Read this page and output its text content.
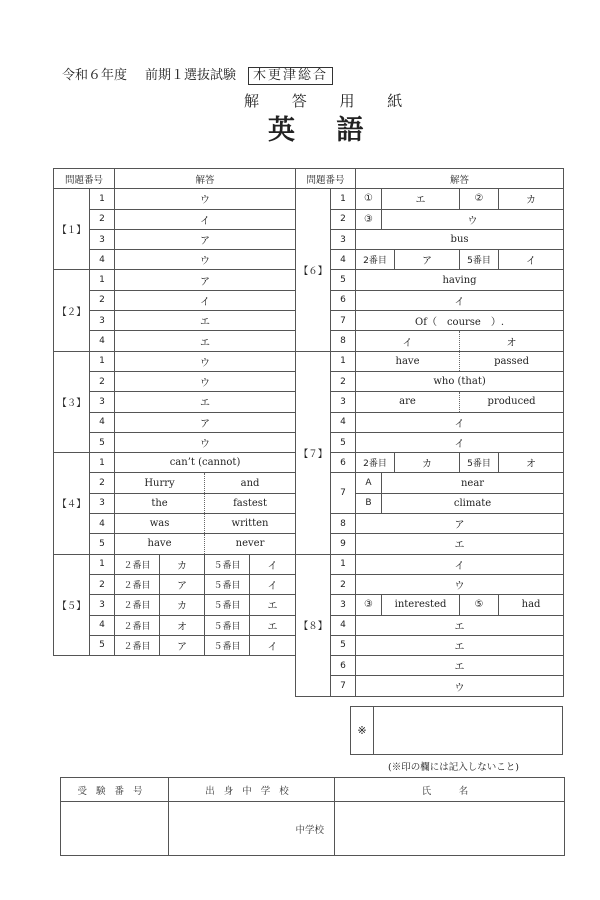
令和６年度 前期１選抜試験 木更津総合
解 答 用 紙
英 語
問題番号		解答			
【１】	1	ウ			
	2	イ			
	3	ア			
	4	ウ			
【２】	1	ア			
	2	イ			
	3	エ			
	4	エ			
【３】	1	ウ			
	2	ウ			
	3	エ			
	4	ア			
	5	ウ			
【４】	1	can’t (cannot)			
	2	Hurry		and	
	3	the		fastest	
	4	was		written	
	5	have		never	
【５】	1	２番目	カ	５番目	イ
	2	２番目	ア	５番目	イ
	3	２番目	カ	５番目	エ
	4	２番目	オ	５番目	エ
	5	２番目	ア	５番目	イ
問題番号		解答				
【６】	1	①	エ		②	カ
	2	③	ウ			
	3	bus				
	4	2番目		ア	5番目	イ
	5	having				
	6	イ				
	7	Of（　course　）.				
	8	イ			オ	
【７】	1	have			passed	
	2	who (that)				
	3	are			produced	
	4	イ				
	5	イ				
	6	2番目		カ	5番目	オ
	7	A	near			
		B	climate			
	8	ア				
	9	エ				
【８】	1	イ				
	2	ウ				
	3	③	interested		⑤	had
	4	エ				
	5	エ				
	6	エ				
	7	ウ				
※
(※印の欄には記入しないこと)
受験番号	出身中学校	氏　名
	中学校	
